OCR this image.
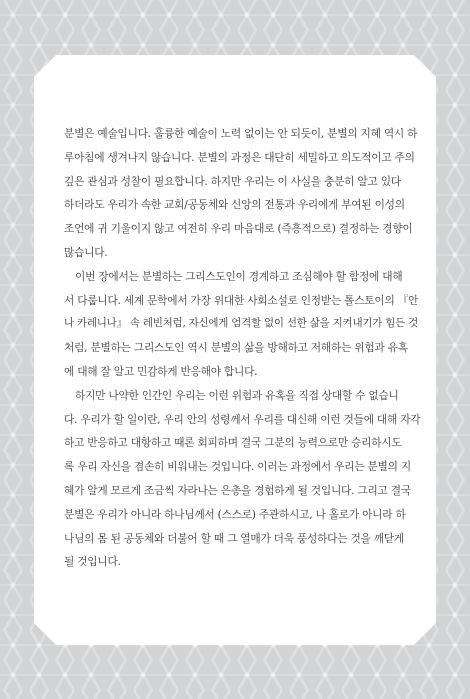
분별은 예술입니다. 훌륭한 예술이 노력 없이는 안 되듯이, 분별의 지혜 역시 하
루아침에 생겨나지 않습니다. 분별의 과정은 대단히 세밀하고 의도적이고 주의
깊은 관심과 성찰이 필요합니다. 하지만 우리는 이 사실을 충분히 알고 있다
하더라도 우리가 속한 교회/공동체와 신앙의 전통과 우리에게 부여된 이성의
조언에 귀 기울이지 않고 여전히 우리 마음대로 (즉흥적으로) 결정하는 경향이
많습니다.
이번 장에서는 분별하는 그리스도인이 경계하고 조심해야 할 함정에 대해
서 다룹니다. 세계 문학에서 가장 위대한 사회소설로 인정받는 톨스토이의 『안
나 카레니나』 속 레빈처럼, 자신에게 엄격할 없이 선한 삶을 지켜내기가 힘든 것
처럼, 분별하는 그리스도인 역시 분별의 삶을 방해하고 저해하는 위험과 유혹
에 대해 잘 알고 민감하게 반응해야 합니다.
하지만 나약한 인간인 우리는 이런 위험과 유혹을 직접 상대할 수 없습니
다. 우리가 할 일이란, 우리 안의 성령께서 우리를 대신해 이런 것들에 대해 자각
하고 반응하고 대항하고 때론 회피하며 결국 그분의 능력으로만 승리하시도
록 우리 자신을 겸손히 비워내는 것입니다. 이러는 과정에서 우리는 분별의 지
혜가 알게 모르게 조금씩 자라나는 은총을 경험하게 될 것입니다. 그리고 결국
분별은 우리가 아니라 하나님께서 (스스로) 주관하시고, 나 홀로가 아니라 하
나님의 몸 된 공동체와 더불어 할 때 그 열매가 더욱 풍성하다는 것을 깨닫게
될 것입니다.
